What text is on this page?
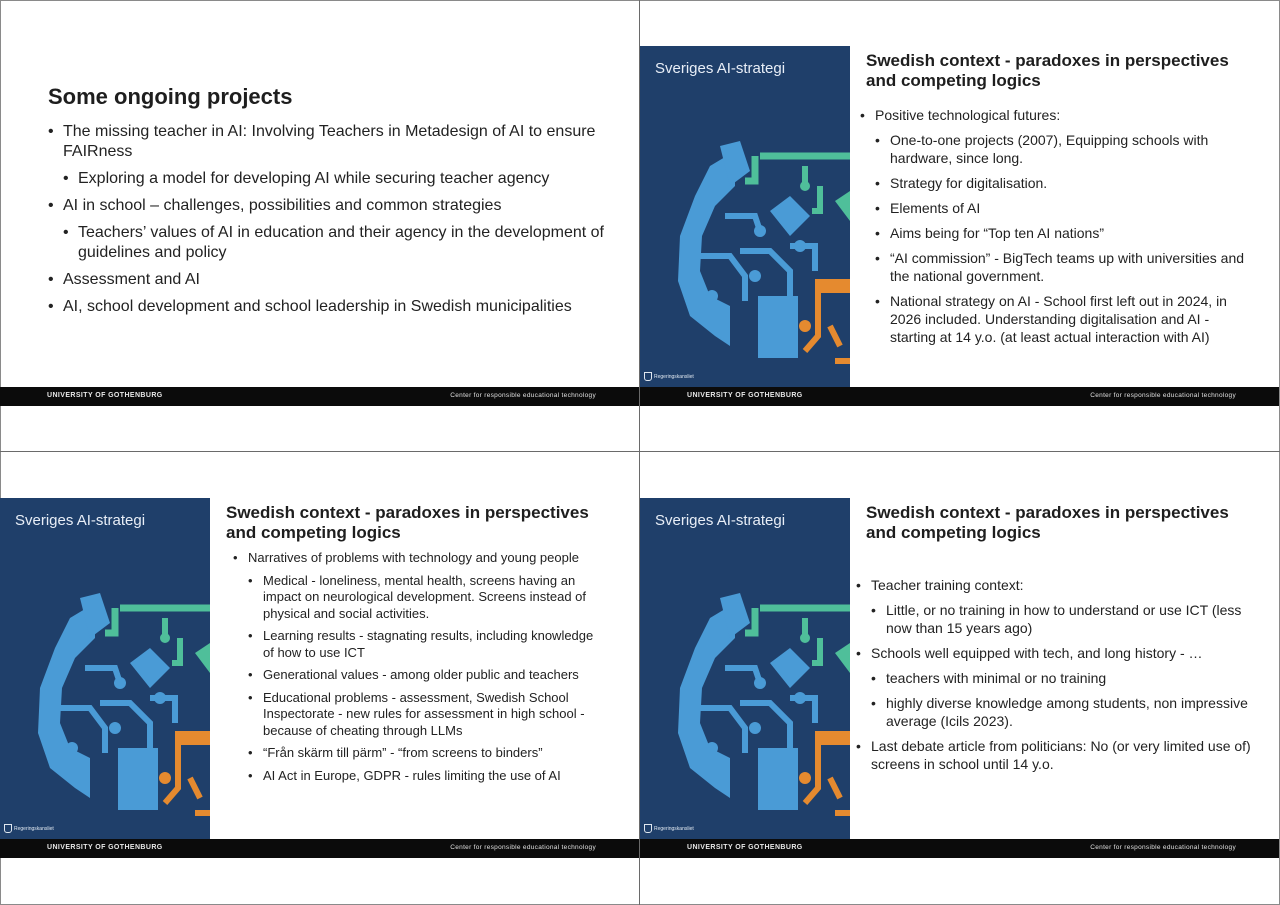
Some ongoing projects
• The missing teacher in AI: Involving Teachers in Metadesign of AI to ensure FAIRness
• Exploring a model for developing AI while securing teacher agency
• AI in school – challenges, possibilities and common strategies
• Teachers’ values of AI in education and their agency in the development of guidelines and policy
• Assessment and AI
• AI, school development and school leadership in Swedish municipalities
UNIVERSITY OF GOTHENBURG	Center for responsible educational technology
Sveriges AI-strategi
Regeringskansliet
Swedish context - paradoxes in perspectives and competing logics
• Positive technological futures:
• One-to-one projects (2007), Equipping schools with hardware, since long.
• Strategy for digitalisation.
• Elements of AI
• Aims being for “Top ten AI nations”
• “AI commission” - BigTech teams up with universities and the national government.
• National strategy on AI - School first left out in 2024, in 2026 included. Understanding digitalisation and AI - starting at 14 y.o. (at least actual interaction with AI)
UNIVERSITY OF GOTHENBURG	Center for responsible educational technology
Sveriges AI-strategi
Regeringskansliet
Swedish context - paradoxes in perspectives and competing logics
• Narratives of problems with technology and young people
• Medical - loneliness, mental health, screens having an impact on neurological development. Screens instead of physical and social activities.
• Learning results - stagnating results, including knowledge of how to use ICT
• Generational values - among older public and teachers
• Educational problems - assessment, Swedish School Inspectorate - new rules for assessment in high school - because of cheating through LLMs
• “Från skärm till pärm” - “from screens to binders”
• AI Act in Europe, GDPR - rules limiting the use of AI
UNIVERSITY OF GOTHENBURG	Center for responsible educational technology
Sveriges AI-strategi
Regeringskansliet
Swedish context - paradoxes in perspectives and competing logics
• Teacher training context:
• Little, or no training in how to understand or use ICT (less now than 15 years ago)
• Schools well equipped with tech, and long history - …
• teachers with minimal or no training
• highly diverse knowledge among students, non impressive average (Icils 2023).
• Last debate article from politicians: No (or very limited use of) screens in school until 14 y.o.
UNIVERSITY OF GOTHENBURG	Center for responsible educational technology
